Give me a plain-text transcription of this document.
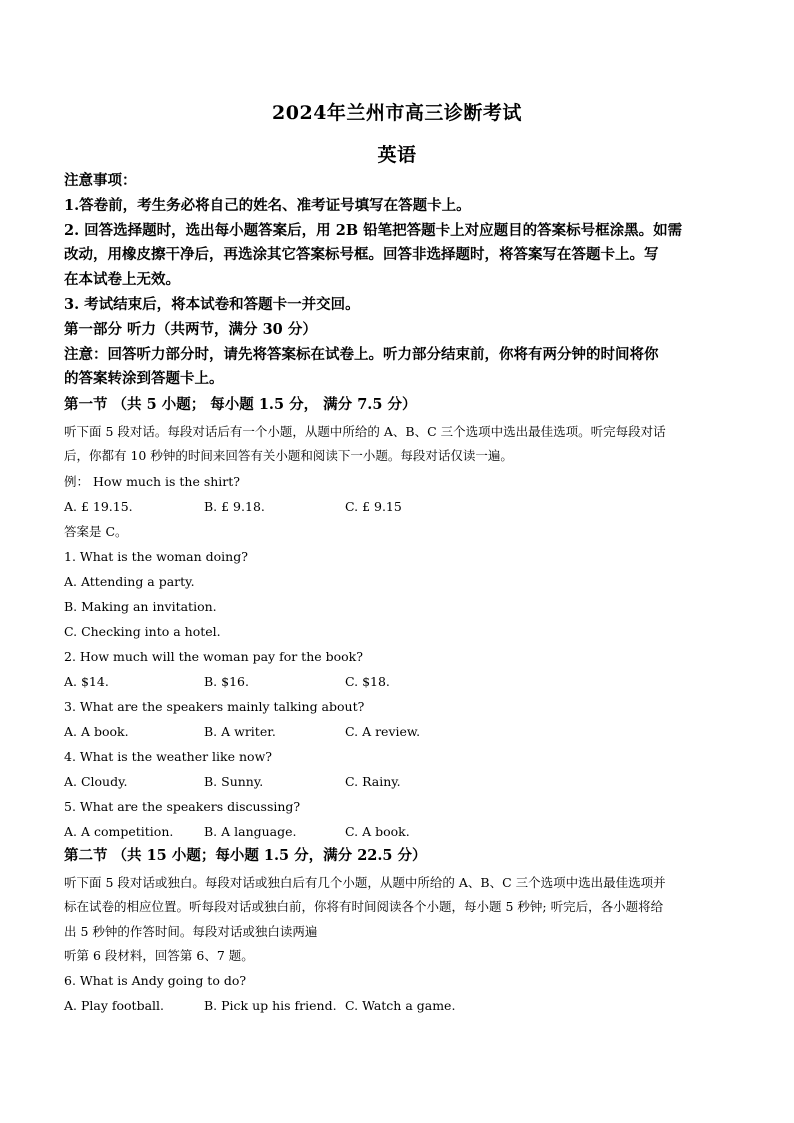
2024年兰州市高三诊断考试
英语
注意事项：
1.答卷前，考生务必将自己的姓名、准考证号填写在答题卡上。
2. 回答选择题时，选出每小题答案后，用 2B 铅笔把答题卡上对应题目的答案标号框涂黑。如需
改动，用橡皮擦干净后，再选涂其它答案标号框。回答非选择题时，将答案写在答题卡上。写
在本试卷上无效。
3. 考试结束后，将本试卷和答题卡一并交回。
第一部分 听力（共两节，满分 30 分）
注意：回答听力部分时，请先将答案标在试卷上。听力部分结束前，你将有两分钟的时间将你
的答案转涂到答题卡上。
第一节 （共 5 小题； 每小题 1.5 分， 满分 7.5 分）
听下面 5 段对话。每段对话后有一个小题，从题中所给的 A、B、C 三个选项中选出最佳选项。听完每段对话
后，你都有 10 秒钟的时间来回答有关小题和阅读下一小题。每段对话仅读一遍。
例： How much is the shirt?
A. £ 19.15.	B. £ 9.18.	C. £ 9.15
答案是 C。
1. What is the woman doing?
A. Attending a party.
B. Making an invitation.
C. Checking into a hotel.
2. How much will the woman pay for the book?
A. $14.	B. $16.	C. $18.
3. What are the speakers mainly talking about?
A. A book.	B. A writer.	C. A review.
4. What is the weather like now?
A. Cloudy.	B. Sunny.	C. Rainy.
5. What are the speakers discussing?
A. A competition. B. A language.	C. A book.
第二节 （共 15 小题；每小题 1.5 分，满分 22.5 分）
听下面 5 段对话或独白。每段对话或独白后有几个小题，从题中所给的 A、B、C 三个选项中选出最佳选项并
标在试卷的相应位置。听每段对话或独白前，你将有时间阅读各个小题，每小题 5 秒钟; 听完后，各小题将给
出 5 秒钟的作答时间。每段对话或独白读两遍
听第 6 段材料，回答第 6、7 题。
6. What is Andy going to do?
A. Play football.	B. Pick up his friend. C. Watch a game.
